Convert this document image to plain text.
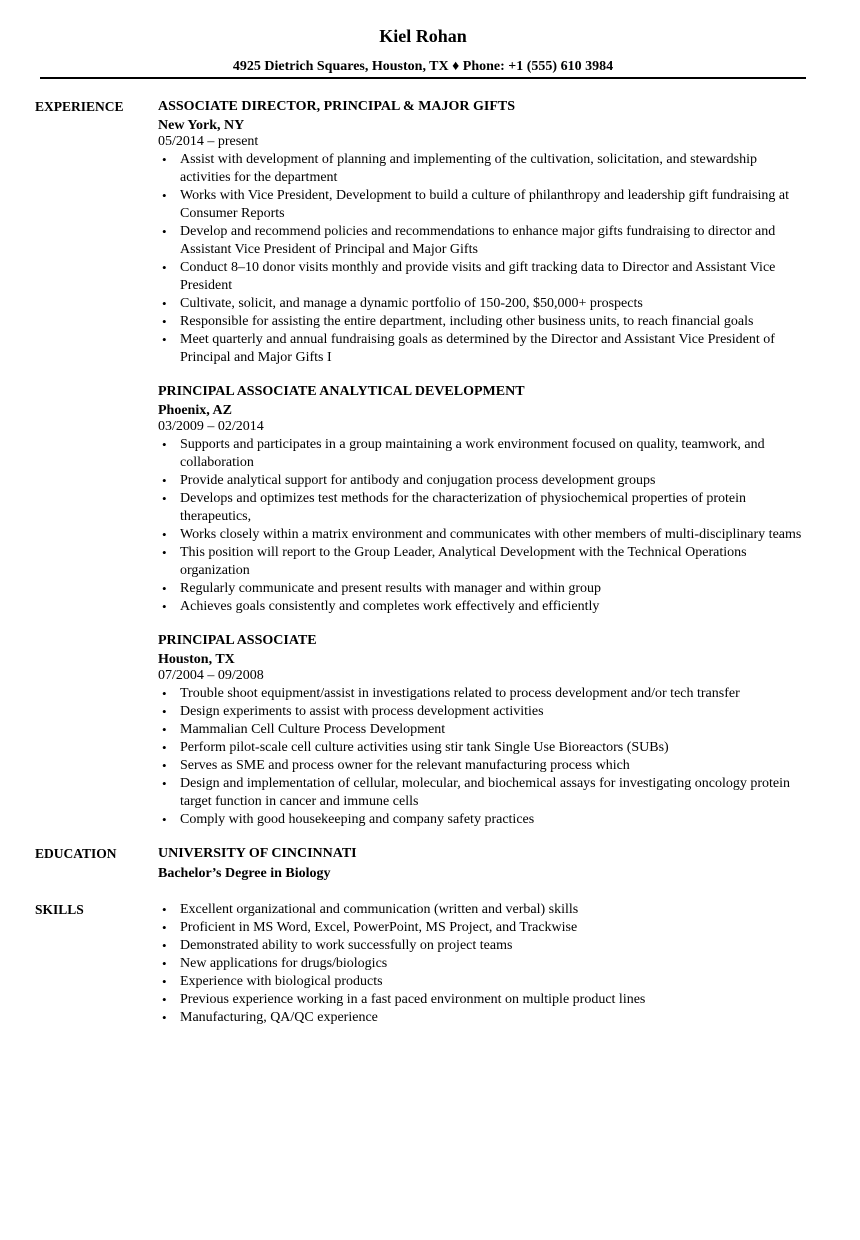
Kiel Rohan
4925 Dietrich Squares, Houston, TX ♦ Phone: +1 (555) 610 3984
EXPERIENCE	ASSOCIATE DIRECTOR, PRINCIPAL & MAJOR GIFTS
New York, NY
05/2014 – present
• Assist with development of planning and implementing of the cultivation, solicitation, and stewardship activities for the department
• Works with Vice President, Development to build a culture of philanthropy and leadership gift fundraising at Consumer Reports
• Develop and recommend policies and recommendations to enhance major gifts fundraising to director and Assistant Vice President of Principal and Major Gifts
• Conduct 8–10 donor visits monthly and provide visits and gift tracking data to Director and Assistant Vice President
• Cultivate, solicit, and manage a dynamic portfolio of 150-200, $50,000+ prospects
• Responsible for assisting the entire department, including other business units, to reach financial goals
• Meet quarterly and annual fundraising goals as determined by the Director and Assistant Vice President of Principal and Major Gifts I
PRINCIPAL ASSOCIATE ANALYTICAL DEVELOPMENT
Phoenix, AZ
03/2009 – 02/2014
• Supports and participates in a group maintaining a work environment focused on quality, teamwork, and collaboration
• Provide analytical support for antibody and conjugation process development groups
• Develops and optimizes test methods for the characterization of physiochemical properties of protein therapeutics,
• Works closely within a matrix environment and communicates with other members of multi-disciplinary teams
• This position will report to the Group Leader, Analytical Development with the Technical Operations organization
• Regularly communicate and present results with manager and within group
• Achieves goals consistently and completes work effectively and efficiently
PRINCIPAL ASSOCIATE
Houston, TX
07/2004 – 09/2008
• Trouble shoot equipment/assist in investigations related to process development and/or tech transfer
• Design experiments to assist with process development activities
• Mammalian Cell Culture Process Development
• Perform pilot-scale cell culture activities using stir tank Single Use Bioreactors (SUBs)
• Serves as SME and process owner for the relevant manufacturing process which
• Design and implementation of cellular, molecular, and biochemical assays for investigating oncology protein target function in cancer and immune cells
• Comply with good housekeeping and company safety practices
EDUCATION	UNIVERSITY OF CINCINNATI
Bachelor’s Degree in Biology
SKILLS	• Excellent organizational and communication (written and verbal) skills
• Proficient in MS Word, Excel, PowerPoint, MS Project, and Trackwise
• Demonstrated ability to work successfully on project teams
• New applications for drugs/biologics
• Experience with biological products
• Previous experience working in a fast paced environment on multiple product lines
• Manufacturing, QA/QC experience
